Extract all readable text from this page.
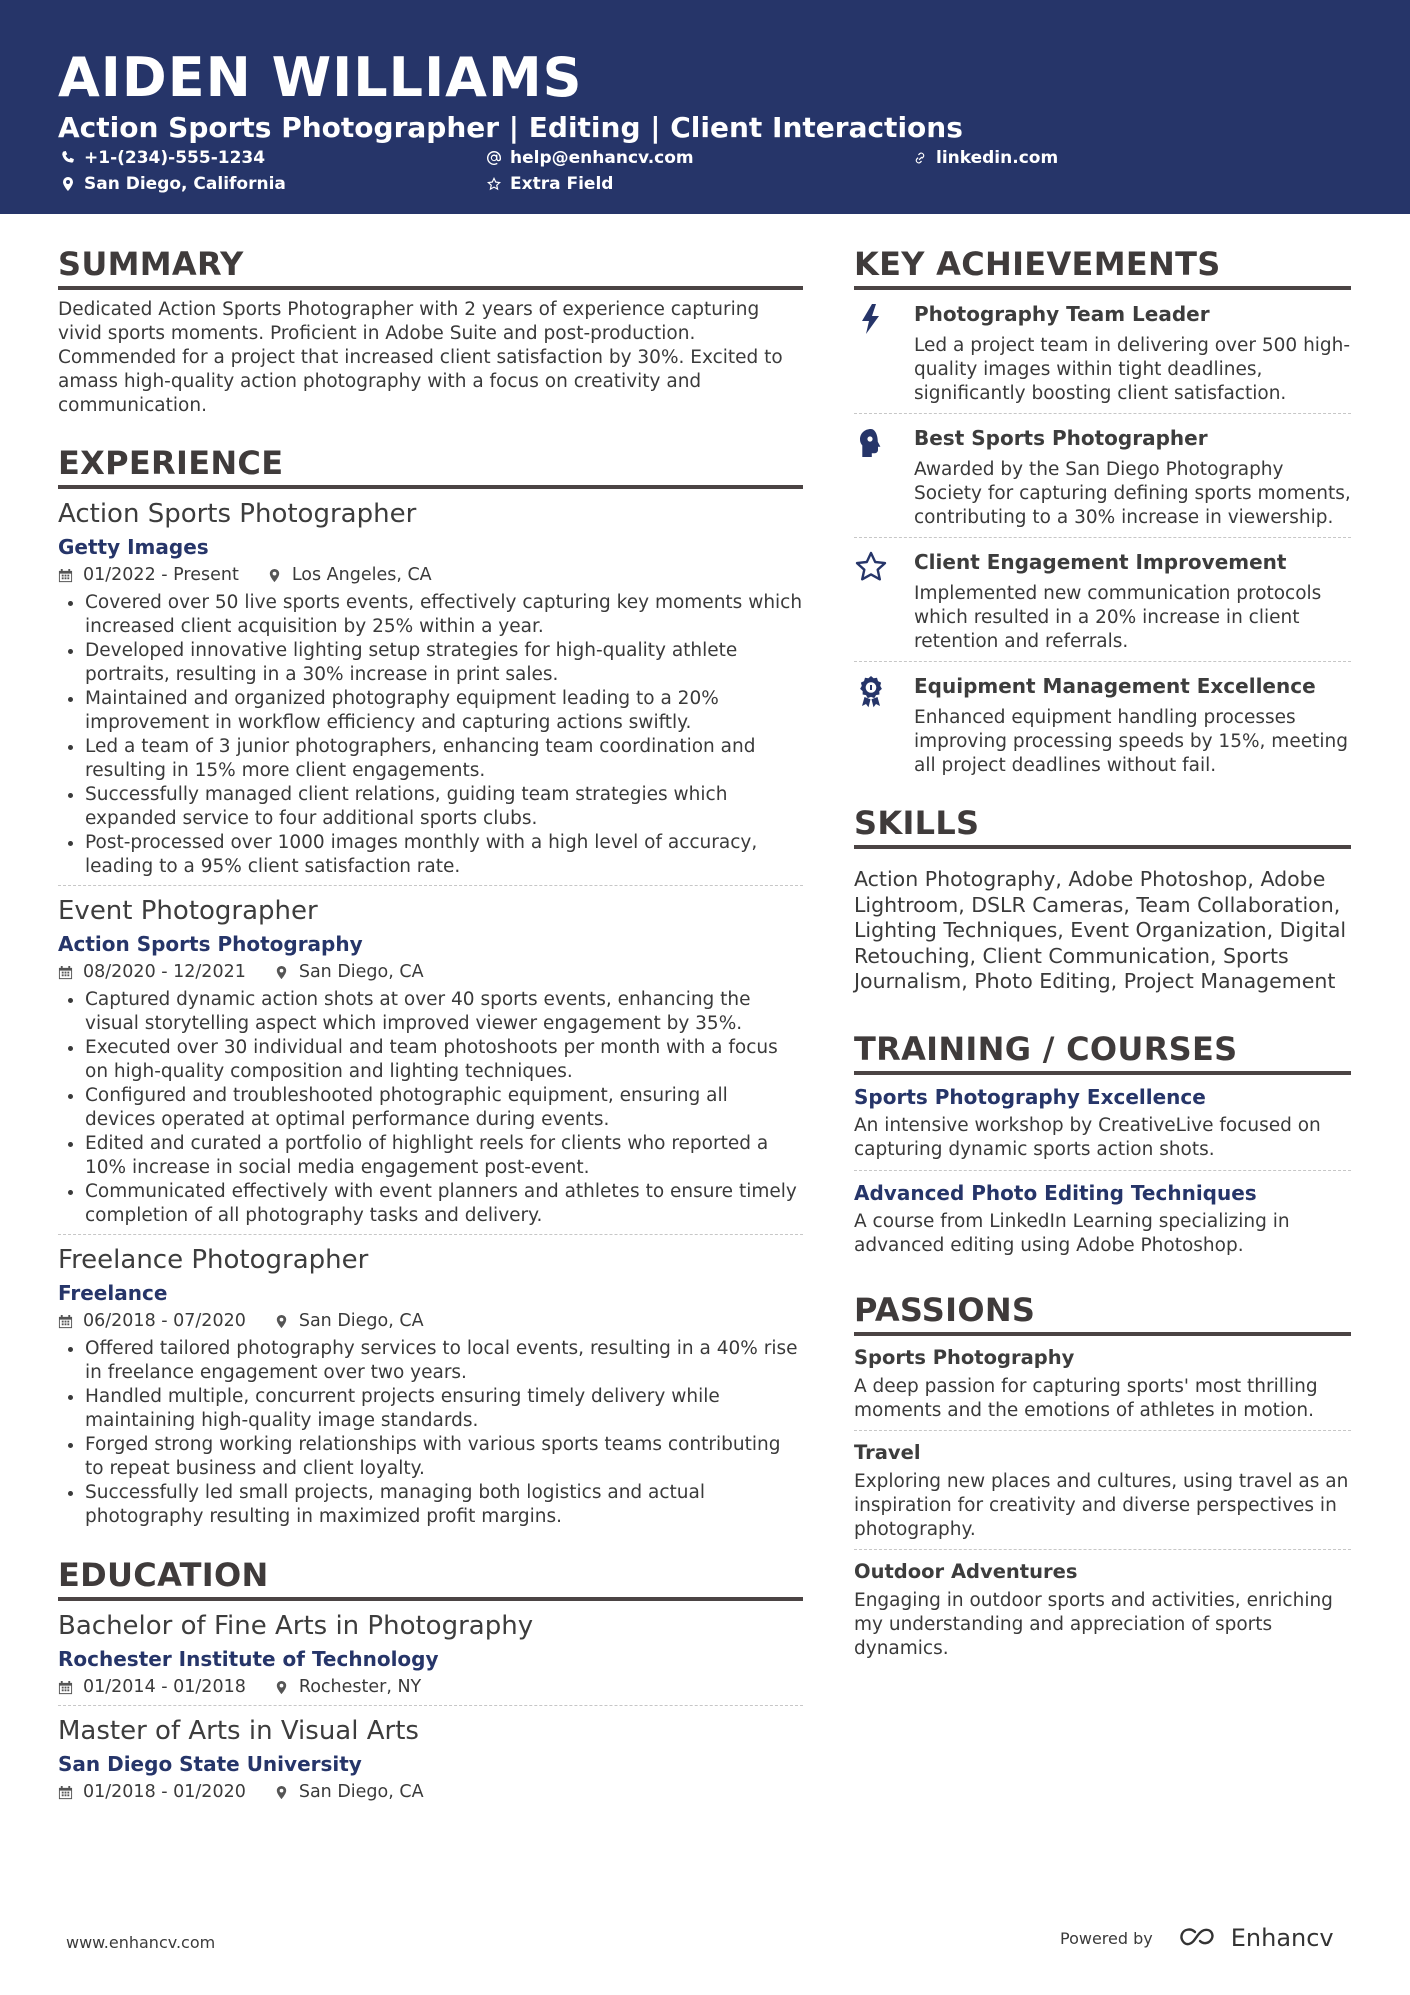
AIDEN WILLIAMS
Action Sports Photographer | Editing | Client Interactions
+1-(234)-555-1234	help@enhancv.com	linkedin.com
San Diego, California	Extra Field
SUMMARY

Dedicated Action Sports Photographer with 2 years of experience capturing vivid sports moments. Proficient in Adobe Suite and post-production. Commended for a project that increased client satisfaction by 30%. Excited to amass high-quality action photography with a focus on creativity and communication.

EXPERIENCE

Action Sports Photographer

Getty Images

01/2022 - Present	Los Angeles, CA
• Covered over 50 live sports events, effectively capturing key moments which increased client acquisition by 25% within a year.
• Developed innovative lighting setup strategies for high-quality athlete portraits, resulting in a 30% increase in print sales.
• Maintained and organized photography equipment leading to a 20% improvement in workflow efficiency and capturing actions swiftly.
• Led a team of 3 junior photographers, enhancing team coordination and resulting in 15% more client engagements.
• Successfully managed client relations, guiding team strategies which expanded service to four additional sports clubs.
• Post-processed over 1000 images monthly with a high level of accuracy, leading to a 95% client satisfaction rate.

Event Photographer

Action Sports Photography

08/2020 - 12/2021	San Diego, CA
• Captured dynamic action shots at over 40 sports events, enhancing the visual storytelling aspect which improved viewer engagement by 35%.
• Executed over 30 individual and team photoshoots per month with a focus on high-quality composition and lighting techniques.
• Configured and troubleshooted photographic equipment, ensuring all devices operated at optimal performance during events.
• Edited and curated a portfolio of highlight reels for clients who reported a 10% increase in social media engagement post-event.
• Communicated effectively with event planners and athletes to ensure timely completion of all photography tasks and delivery.

Freelance Photographer

Freelance

06/2018 - 07/2020	San Diego, CA
• Offered tailored photography services to local events, resulting in a 40% rise in freelance engagement over two years.
• Handled multiple, concurrent projects ensuring timely delivery while maintaining high-quality image standards.
• Forged strong working relationships with various sports teams contributing to repeat business and client loyalty.
• Successfully led small projects, managing both logistics and actual photography resulting in maximized profit margins.
EDUCATION

Bachelor of Fine Arts in Photography

Rochester Institute of Technology

01/2014 - 01/2018	Rochester, NY

Master of Arts in Visual Arts

San Diego State University

01/2018 - 01/2020	San Diego, CA
KEY ACHIEVEMENTS

Photography Team Leader

Led a project team in delivering over 500 high-quality images within tight deadlines, significantly boosting client satisfaction.

Best Sports Photographer

Awarded by the San Diego Photography Society for capturing defining sports moments, contributing to a 30% increase in viewership.

Client Engagement Improvement

Implemented new communication protocols which resulted in a 20% increase in client retention and referrals.

Equipment Management Excellence

Enhanced equipment handling processes improving processing speeds by 15%, meeting all project deadlines without fail.

SKILLS

Action Photography, Adobe Photoshop, Adobe Lightroom, DSLR Cameras, Team Collaboration, Lighting Techniques, Event Organization, Digital Retouching, Client Communication, Sports Journalism, Photo Editing, Project Management

TRAINING / COURSES

Sports Photography Excellence

An intensive workshop by CreativeLive focused on capturing dynamic sports action shots.

Advanced Photo Editing Techniques

A course from LinkedIn Learning specializing in advanced editing using Adobe Photoshop.

PASSIONS

Sports Photography

A deep passion for capturing sports' most thrilling moments and the emotions of athletes in motion.

Travel

Exploring new places and cultures, using travel as an inspiration for creativity and diverse perspectives in photography.

Outdoor Adventures

Engaging in outdoor sports and activities, enriching my understanding and appreciation of sports dynamics.

www.enhancv.com	Powered by	Enhancv
